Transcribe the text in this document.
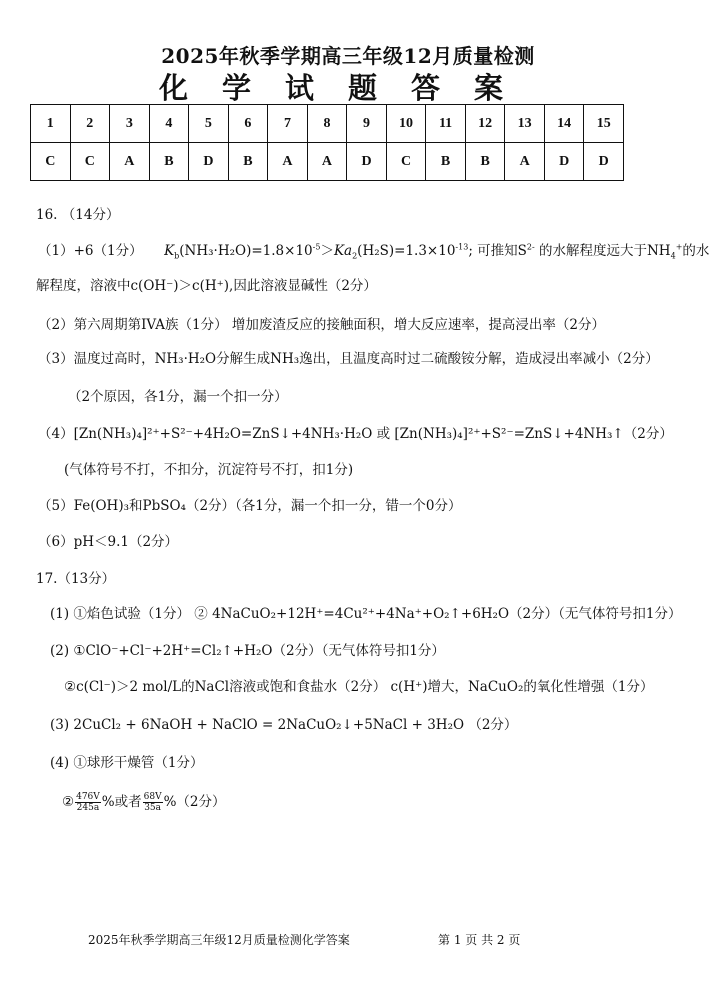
2025年秋季学期高三年级12月质量检测
化学试题答案
1	2	3	4	5	6	7	8	9	10	11	12	13	14	15
C	C	A	B	D	B	A	A	D	C	B	B	A	D	D
16. （14分）
（1）+6（1分） $K_b(NH_3\cdot H_2O)=1.8\times 10^{-5}>Ka_2(H_2S)=1.3\times 10^{-13}$; 可推知$S^{2-}$ 的水解程度远大于$NH_4^+$的水
解程度，溶液中c(OH⁻)＞c(H⁺),因此溶液显碱性（2分）
（2）第六周期第IVA族（1分） 增加废渣反应的接触面积，增大反应速率，提高浸出率（2分）
（3）温度过高时，NH₃·H₂O分解生成NH₃逸出，且温度高时过二硫酸铵分解，造成浸出率减小（2分）
（2个原因，各1分，漏一个扣一分）
（4）[Zn(NH₃)₄]²⁺+S²⁻+4H₂O=ZnS↓+4NH₃·H₂O 或 [Zn(NH₃)₄]²⁺+S²⁻=ZnS↓+4NH₃↑（2分）
(气体符号不打，不扣分，沉淀符号不打，扣1分)
（5）Fe(OH)₃和PbSO₄（2分）（各1分，漏一个扣一分，错一个0分）
（6）pH＜9.1（2分）
17.（13分）
(1) ①焰色试验（1分） ② 4NaCuO₂+12H⁺=4Cu²⁺+4Na⁺+O₂↑+6H₂O（2分）（无气体符号扣1分）
(2) ①ClO⁻+Cl⁻+2H⁺=Cl₂↑+H₂O（2分）（无气体符号扣1分）
②c(Cl⁻)＞2 mol/L的NaCl溶液或饱和食盐水（2分） c(H⁺)增大，NaCuO₂的氧化性增强（1分）
(3) 2CuCl₂ + 6NaOH + NaClO = 2NaCuO₂↓+5NaCl + 3H₂O （2分）
(4) ①球形干燥管（1分）
② $\frac{476V}{245a}$ %或者 $\frac{68V}{35a} \%(2$分）
2025年秋季学期高三年级12月质量检测化学答案	第 1 页 共 2 页
